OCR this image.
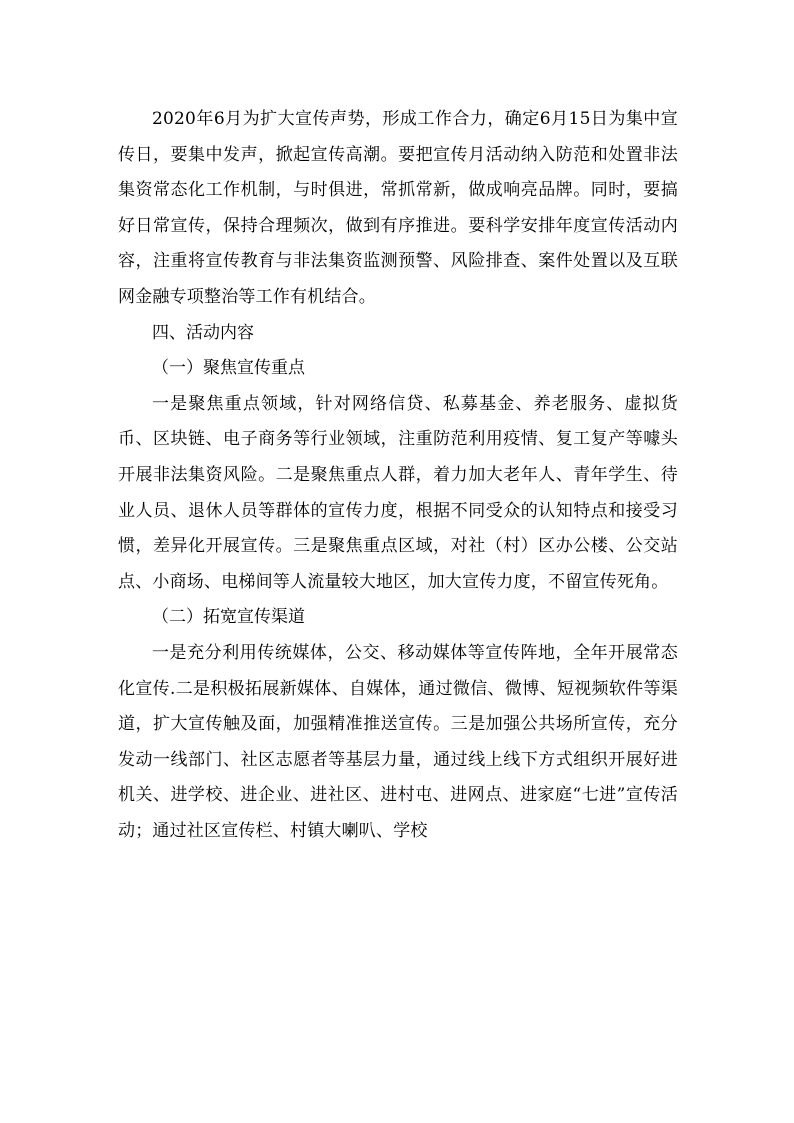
2020年6月为扩大宣传声势，形成工作合力，确定6月15日为集中宣传日，要集中发声，掀起宣传高潮。要把宣传月活动纳入防范和处置非法集资常态化工作机制，与时俱进，常抓常新，做成响亮品牌。同时，要搞好日常宣传，保持合理频次，做到有序推进。要科学安排年度宣传活动内容，注重将宣传教育与非法集资监测预警、风险排查、案件处置以及互联网金融专项整治等工作有机结合。

四、活动内容

（一）聚焦宣传重点

一是聚焦重点领域，针对网络信贷、私募基金、养老服务、虚拟货币、区块链、电子商务等行业领域，注重防范利用疫情、复工复产等噱头开展非法集资风险。二是聚焦重点人群，着力加大老年人、青年学生、待业人员、退休人员等群体的宣传力度，根据不同受众的认知特点和接受习惯，差异化开展宣传。三是聚焦重点区域，对社（村）区办公楼、公交站点、小商场、电梯间等人流量较大地区，加大宣传力度，不留宣传死角。

（二）拓宽宣传渠道

一是充分利用传统媒体，公交、移动媒体等宣传阵地，全年开展常态化宣传.二是积极拓展新媒体、自媒体，通过微信、微博、短视频软件等渠道，扩大宣传触及面，加强精准推送宣传。三是加强公共场所宣传，充分发动一线部门、社区志愿者等基层力量，通过线上线下方式组织开展好进机关、进学校、进企业、进社区、进村屯、进网点、进家庭“七进”宣传活动；通过社区宣传栏、村镇大喇叭、学校
